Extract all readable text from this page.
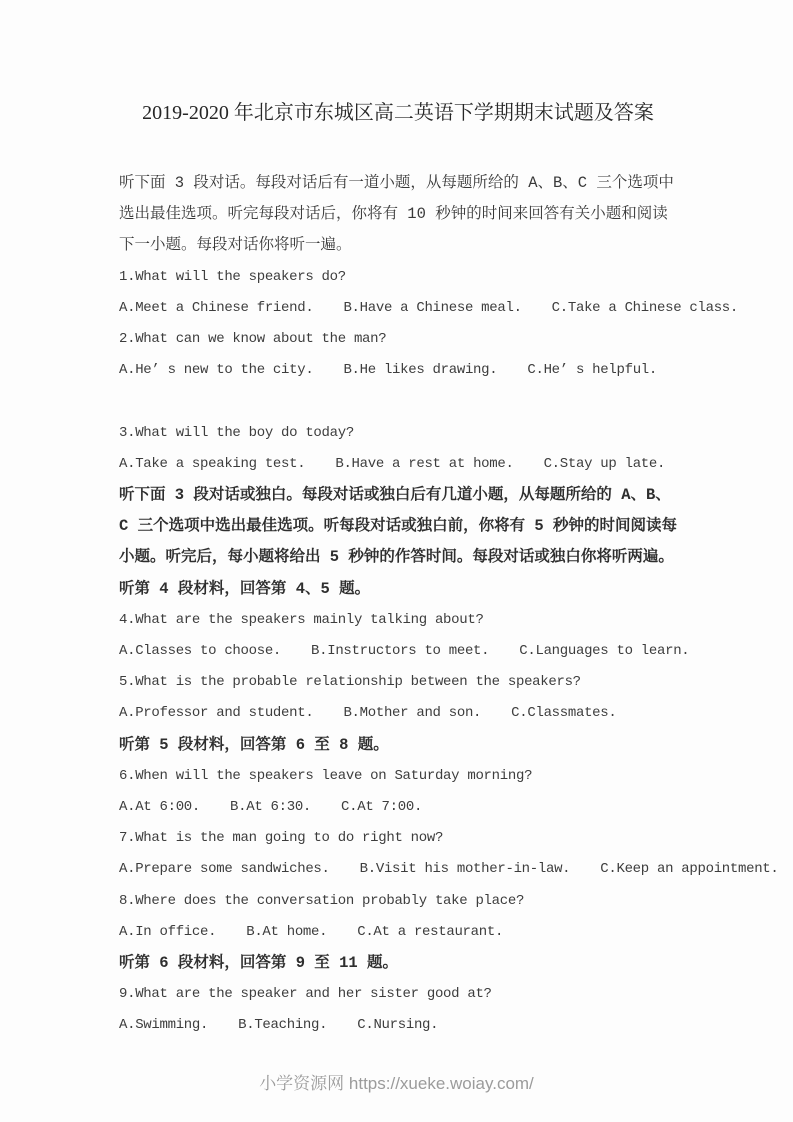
2019-2020 年北京市东城区高二英语下学期期末试题及答案

听下面 3 段对话。每段对话后有一道小题，从每题所给的 A、B、C 三个选项中选出最佳选项。听完每段对话后，你将有 10 秒钟的时间来回答有关小题和阅读下一小题。每段对话你将听一遍。

1.What will the speakers do?
A.Meet a Chinese friend. B.Have a Chinese meal. C.Take a Chinese class.
2.What can we know about the man?
A.He’ s new to the city. B.He likes drawing. C.He’ s helpful.
3.What will the boy do today?
A.Take a speaking test. B.Have a rest at home. C.Stay up late.

听下面 3 段对话或独白。每段对话或独白后有几道小题，从每题所给的 A、B、C 三个选项中选出最佳选项。听每段对话或独白前，你将有 5 秒钟的时间阅读每小题。听完后，每小题将给出 5 秒钟的作答时间。每段对话或独白你将听两遍。

听第 4 段材料，回答第 4、5 题。
4.What are the speakers mainly talking about?
A.Classes to choose. B.Instructors to meet. C.Languages to learn.
5.What is the probable relationship between the speakers?
A.Professor and student. B.Mother and son. C.Classmates.
听第 5 段材料，回答第 6 至 8 题。
6.When will the speakers leave on Saturday morning?
A.At 6:00. B.At 6:30. C.At 7:00.
7.What is the man going to do right now?
A.Prepare some sandwiches. B.Visit his mother-in-law. C.Keep an appointment.
8.Where does the conversation probably take place?
A.In office. B.At home. C.At a restaurant.
听第 6 段材料，回答第 9 至 11 题。
9.What are the speaker and her sister good at?
A.Swimming. B.Teaching. C.Nursing.
小学资源网 https://xueke.woiay.com/
